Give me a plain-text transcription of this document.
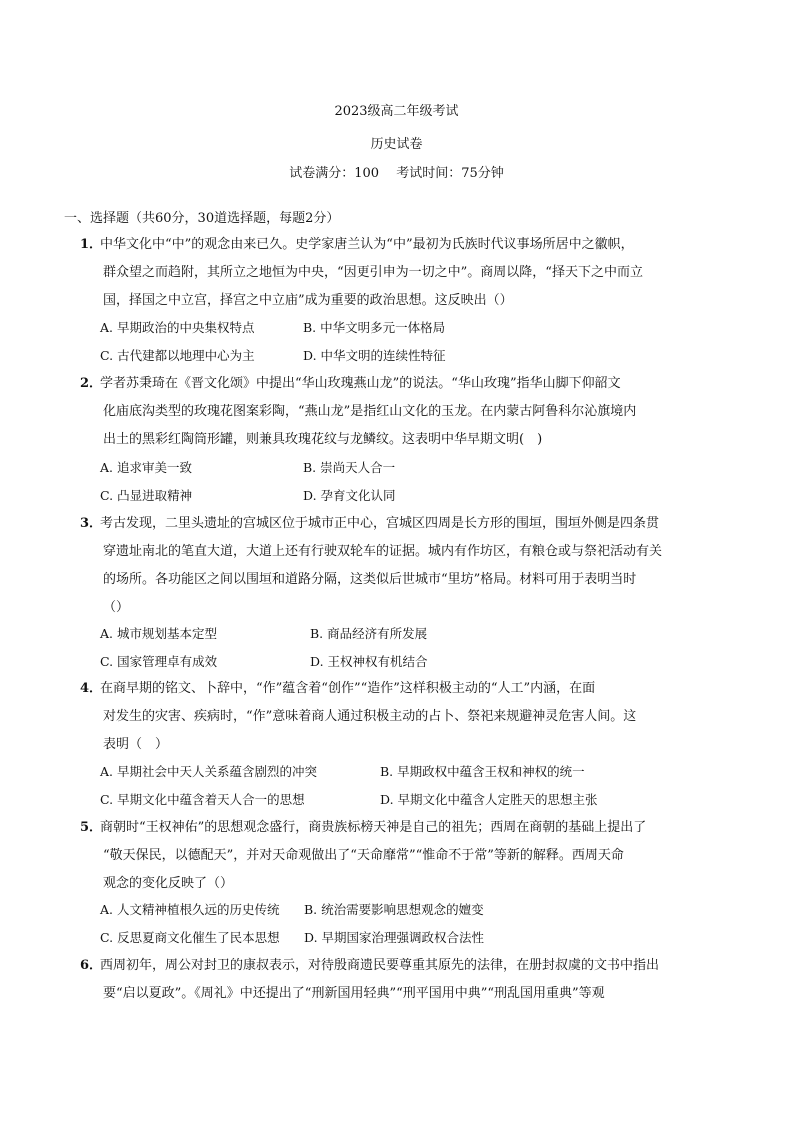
2023级高二年级考试
历史试卷
试卷满分：100　 考试时间：75分钟
一、选择题（共60分，30道选择题，每题2分）
1．
中华文化中“中”的观念由来已久。史学家唐兰认为“中”最初为氏族时代议事场所居中之徽帜，
群众望之而趋附，其所立之地恒为中央，“因更引申为一切之中”。商周以降，“择天下之中而立
国，择国之中立宫，择宫之中立庙”成为重要的政治思想。这反映出（）
A. 早期政治的中央集权特点	B. 中华文明多元一体格局
C. 古代建都以地理中心为主	D. 中华文明的连续性特征
2．
学者苏秉琦在《晋文化颂》中提出“华山玫瑰燕山龙”的说法。“华山玫瑰”指华山脚下仰韶文
化庙底沟类型的玫瑰花图案彩陶，“燕山龙”是指红山文化的玉龙。在内蒙古阿鲁科尔沁旗境内
出土的黑彩红陶筒形罐，则兼具玫瑰花纹与龙鳞纹。这表明中华早期文明(　)
A. 追求审美一致	B. 崇尚天人合一
C. 凸显进取精神	D. 孕育文化认同
3．
考古发现，二里头遗址的宫城区位于城市正中心，宫城区四周是长方形的围垣，围垣外侧是四条贯
穿遗址南北的笔直大道，大道上还有行驶双轮车的证据。城内有作坊区，有粮仓或与祭祀活动有关
的场所。各功能区之间以围垣和道路分隔，这类似后世城市“里坊”格局。材料可用于表明当时
（）
A. 城市规划基本定型	B. 商品经济有所发展
C. 国家管理卓有成效	D. 王权神权有机结合
4．
在商早期的铭文、卜辞中，“作”蕴含着“创作”“造作”这样积极主动的“人工”内涵，在面
对发生的灾害、疾病时，“作”意味着商人通过积极主动的占卜、祭祀来规避神灵危害人间。这
表明（　）
A. 早期社会中天人关系蕴含剧烈的冲突	B. 早期政权中蕴含王权和神权的统一
C. 早期文化中蕴含着天人合一的思想	D. 早期文化中蕴含人定胜天的思想主张
5．
商朝时“王权神佑”的思想观念盛行，商贵族标榜天神是自己的祖先；西周在商朝的基础上提出了
“敬天保民，以德配天”，并对天命观做出了“天命靡常”“惟命不于常”等新的解释。西周天命
观念的变化反映了（）
A. 人文精神植根久远的历史传统 B. 统治需要影响思想观念的嬗变
C. 反思夏商文化催生了民本思想 D. 早期国家治理强调政权合法性
6．
西周初年，周公对封卫的康叔表示，对待殷商遗民要尊重其原先的法律，在册封叔虞的文书中指出
要“启以夏政”。《周礼》中还提出了“刑新国用轻典”“刑平国用中典”“刑乱国用重典”等观
